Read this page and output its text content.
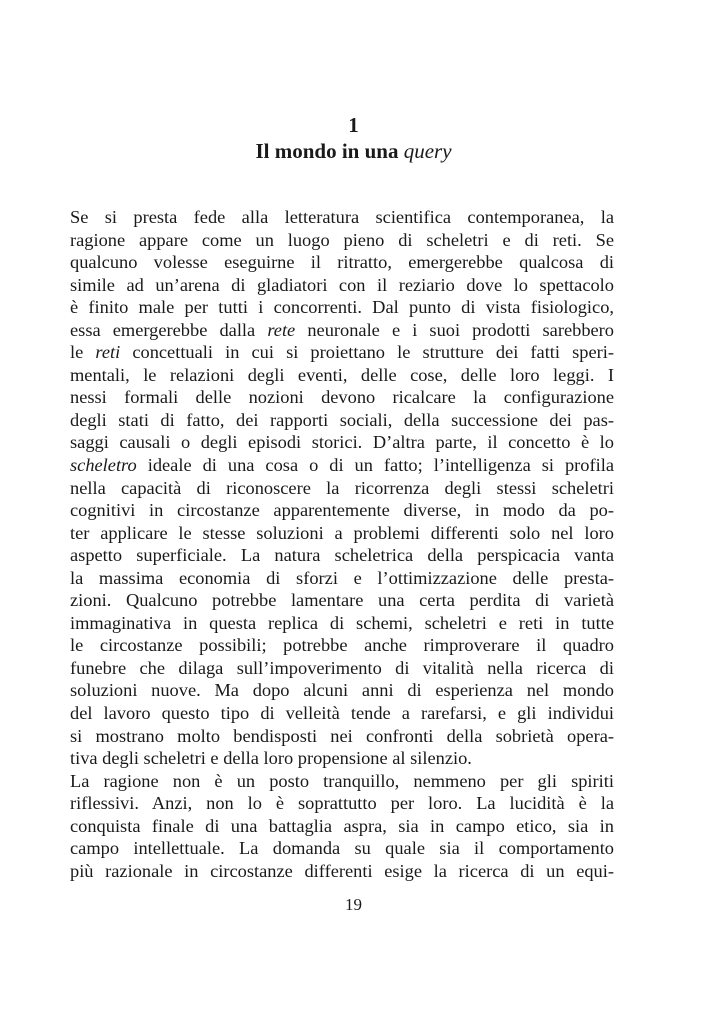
1
Il mondo in una query
Se si presta fede alla letteratura scientifica contemporanea, la
ragione appare come un luogo pieno di scheletri e di reti. Se
qualcuno volesse eseguirne il ritratto, emergerebbe qualcosa di
simile ad un’arena di gladiatori con il reziario dove lo spettacolo
è finito male per tutti i concorrenti. Dal punto di vista fisiologico,
essa emergerebbe dalla rete neuronale e i suoi prodotti sarebbero
le reti concettuali in cui si proiettano le strutture dei fatti speri-
mentali, le relazioni degli eventi, delle cose, delle loro leggi. I
nessi formali delle nozioni devono ricalcare la configurazione
degli stati di fatto, dei rapporti sociali, della successione dei pas-
saggi causali o degli episodi storici. D’altra parte, il concetto è lo
scheletro ideale di una cosa o di un fatto; l’intelligenza si profila
nella capacità di riconoscere la ricorrenza degli stessi scheletri
cognitivi in circostanze apparentemente diverse, in modo da po-
ter applicare le stesse soluzioni a problemi differenti solo nel loro
aspetto superficiale. La natura scheletrica della perspicacia vanta
la massima economia di sforzi e l’ottimizzazione delle presta-
zioni. Qualcuno potrebbe lamentare una certa perdita di varietà
immaginativa in questa replica di schemi, scheletri e reti in tutte
le circostanze possibili; potrebbe anche rimproverare il quadro
funebre che dilaga sull’impoverimento di vitalità nella ricerca di
soluzioni nuove. Ma dopo alcuni anni di esperienza nel mondo
del lavoro questo tipo di velleità tende a rarefarsi, e gli individui
si mostrano molto bendisposti nei confronti della sobrietà opera-
tiva degli scheletri e della loro propensione al silenzio.
La ragione non è un posto tranquillo, nemmeno per gli spiriti
riflessivi. Anzi, non lo è soprattutto per loro. La lucidità è la
conquista finale di una battaglia aspra, sia in campo etico, sia in
campo intellettuale. La domanda su quale sia il comportamento
più razionale in circostanze differenti esige la ricerca di un equi-
19
